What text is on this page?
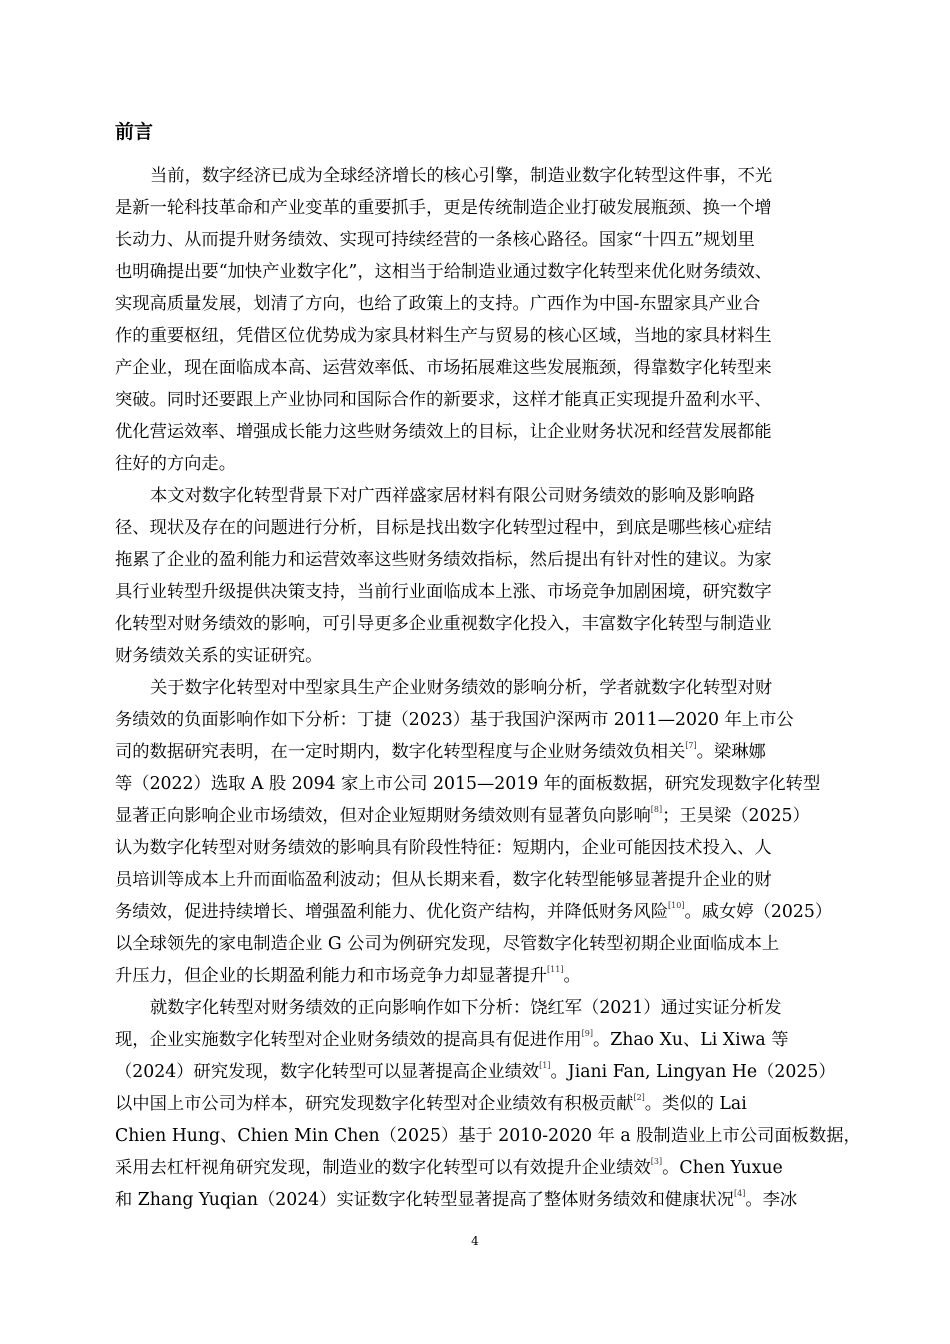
前言
当前，数字经济已成为全球经济增长的核心引擎，制造业数字化转型这件事，不光
是新一轮科技革命和产业变革的重要抓手，更是传统制造企业打破发展瓶颈、换一个增
长动力、从而提升财务绩效、实现可持续经营的一条核心路径。国家“十四五”规划里
也明确提出要“加快产业数字化”，这相当于给制造业通过数字化转型来优化财务绩效、
实现高质量发展，划清了方向，也给了政策上的支持。广西作为中国-东盟家具产业合
作的重要枢纽，凭借区位优势成为家具材料生产与贸易的核心区域，当地的家具材料生
产企业，现在面临成本高、运营效率低、市场拓展难这些发展瓶颈，得靠数字化转型来
突破。同时还要跟上产业协同和国际合作的新要求，这样才能真正实现提升盈利水平、
优化营运效率、增强成长能力这些财务绩效上的目标，让企业财务状况和经营发展都能
往好的方向走。
本文对数字化转型背景下对广西祥盛家居材料有限公司财务绩效的影响及影响路
径、现状及存在的问题进行分析，目标是找出数字化转型过程中，到底是哪些核心症结
拖累了企业的盈利能力和运营效率这些财务绩效指标，然后提出有针对性的建议。为家
具行业转型升级提供决策支持，当前行业面临成本上涨、市场竞争加剧困境，研究数字
化转型对财务绩效的影响，可引导更多企业重视数字化投入，丰富数字化转型与制造业
财务绩效关系的实证研究。
关于数字化转型对中型家具生产企业财务绩效的影响分析，学者就数字化转型对财
务绩效的负面影响作如下分析：丁捷（2023）基于我国沪深两市 2011—2020 年上市公
司的数据研究表明，在一定时期内，数字化转型程度与企业财务绩效负相关[7]。梁琳娜
等（2022）选取 A 股 2094 家上市公司 2015—2019 年的面板数据，研究发现数字化转型
显著正向影响企业市场绩效，但对企业短期财务绩效则有显著负向影响[8]；王昊梁（2025）
认为数字化转型对财务绩效的影响具有阶段性特征：短期内，企业可能因技术投入、人
员培训等成本上升而面临盈利波动；但从长期来看，数字化转型能够显著提升企业的财
务绩效，促进持续增长、增强盈利能力、优化资产结构，并降低财务风险[10]。戚女婷（2025）
以全球领先的家电制造企业 G 公司为例研究发现，尽管数字化转型初期企业面临成本上
升压力，但企业的长期盈利能力和市场竞争力却显著提升[11]。
就数字化转型对财务绩效的正向影响作如下分析：饶红军（2021）通过实证分析发
现，企业实施数字化转型对企业财务绩效的提高具有促进作用[9]。Zhao Xu、Li Xiwa 等
（2024）研究发现，数字化转型可以显著提高企业绩效[1]。Jiani Fan, Lingyan He（2025）
以中国上市公司为样本，研究发现数字化转型对企业绩效有积极贡献[2]。类似的 Lai
Chien Hung、Chien Min Chen（2025）基于 2010-2020 年 a 股制造业上市公司面板数据，
采用去杠杆视角研究发现，制造业的数字化转型可以有效提升企业绩效[3]。Chen Yuxue
和 Zhang Yuqian（2024）实证数字化转型显著提高了整体财务绩效和健康状况[4]。李冰
4
